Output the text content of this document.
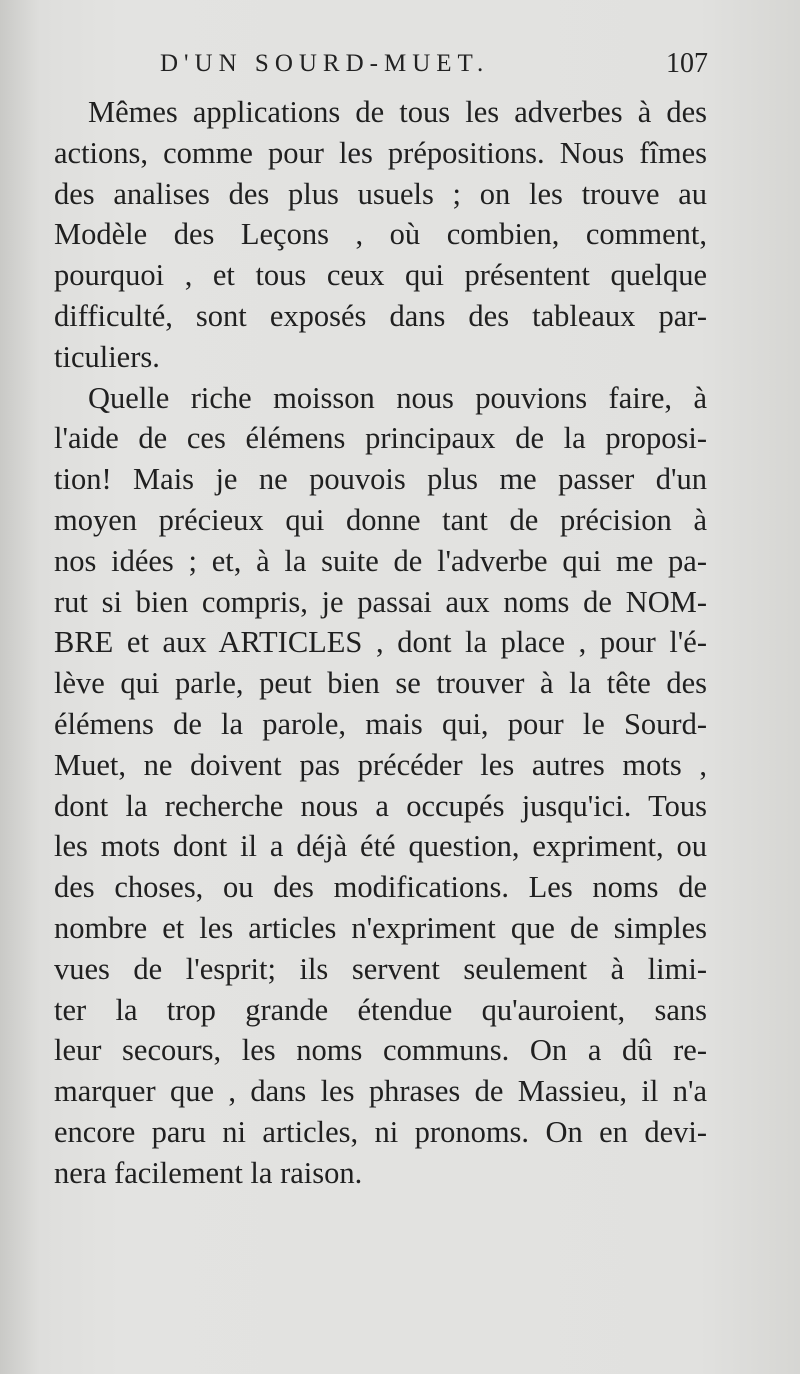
D'UN SOURD-MUET.	107
Mêmes applications de tous les adverbes à des
actions, comme pour les prépositions. Nous fîmes
des analises des plus usuels ; on les trouve au
Modèle des Leçons , où combien, comment,
pourquoi , et tous ceux qui présentent quelque
difficulté, sont exposés dans des tableaux par-
ticuliers.
Quelle riche moisson nous pouvions faire, à
l'aide de ces élémens principaux de la proposi-
tion! Mais je ne pouvois plus me passer d'un
moyen précieux qui donne tant de précision à
nos idées ; et, à la suite de l'adverbe qui me pa-
rut si bien compris, je passai aux noms de NOM-
BRE et aux ARTICLES , dont la place , pour l'é-
lève qui parle, peut bien se trouver à la tête des
élémens de la parole, mais qui, pour le Sourd-
Muet, ne doivent pas précéder les autres mots ,
dont la recherche nous a occupés jusqu'ici. Tous
les mots dont il a déjà été question, expriment, ou
des choses, ou des modifications. Les noms de
nombre et les articles n'expriment que de simples
vues de l'esprit; ils servent seulement à limi-
ter la trop grande étendue qu'auroient, sans
leur secours, les noms communs. On a dû re-
marquer que , dans les phrases de Massieu, il n'a
encore paru ni articles, ni pronoms. On en devi-
nera facilement la raison.
